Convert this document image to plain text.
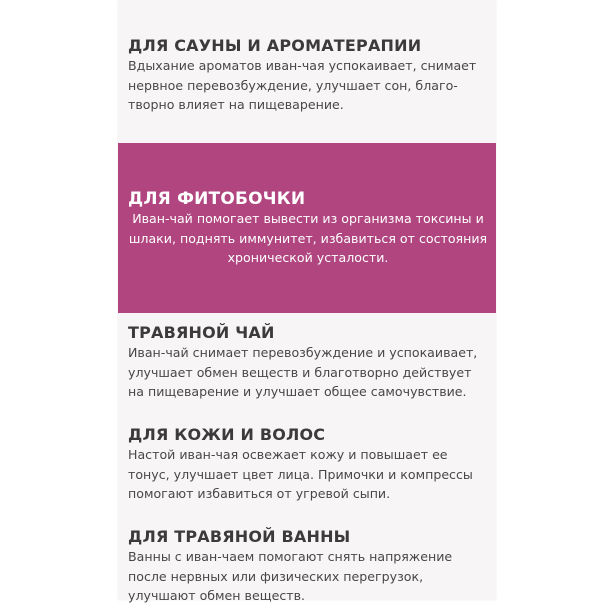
ДЛЯ САУНЫ И АРОМАТЕРАПИИ

Вдыхание ароматов иван-чая успокаивает, снимает
нервное перевозбуждение, улучшает сон, благо-
творно влияет на пищеварение.

ДЛЯ ФИТОБОЧКИ

Иван-чай помогает вывести из организма токсины и
шлаки, поднять иммунитет, избавиться от состояния
хронической усталости.

ТРАВЯНОЙ ЧАЙ

Иван-чай снимает перевозбуждение и успокаивает,
улучшает обмен веществ и благотворно действует
на пищеварение и улучшает общее самочувствие.

ДЛЯ КОЖИ И ВОЛОС

Настой иван-чая освежает кожу и повышает ее
тонус, улучшает цвет лица. Примочки и компрессы
помогают избавиться от угревой сыпи.

ДЛЯ ТРАВЯНОЙ ВАННЫ

Ванны с иван-чаем помогают снять напряжение
после нервных или физических перегрузок,
улучшают обмен веществ.
